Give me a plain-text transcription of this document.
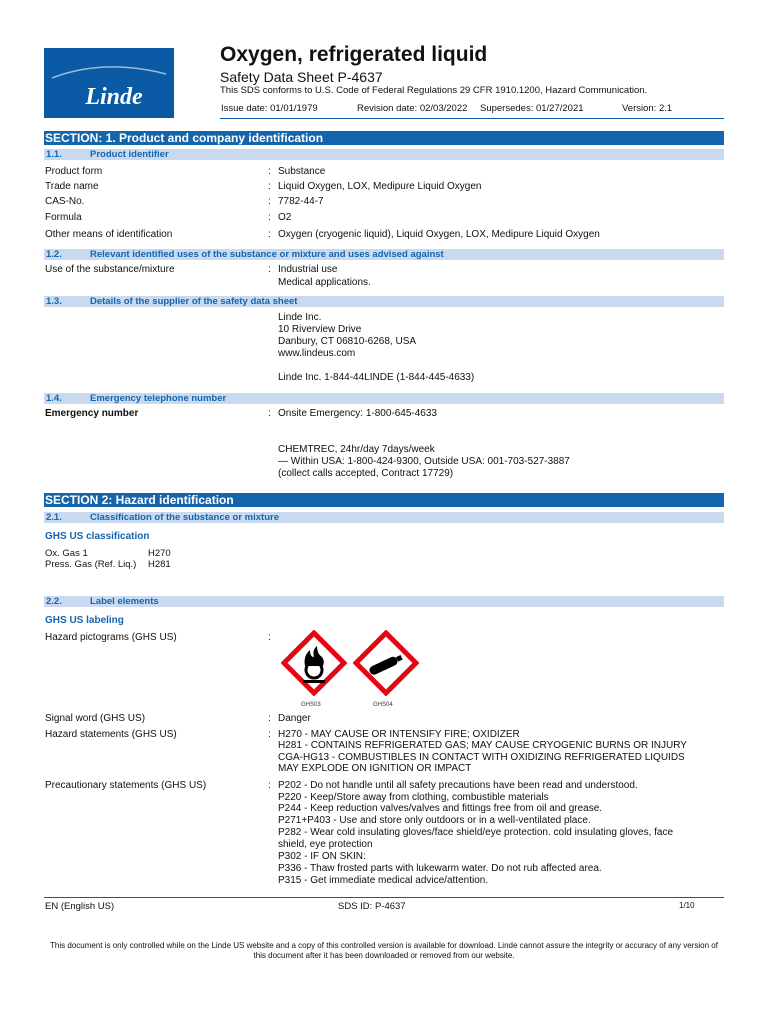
Linde
Oxygen, refrigerated liquid
Safety Data Sheet P-4637
This SDS conforms to U.S. Code of Federal Regulations 29 CFR 1910.1200, Hazard Communication.
Issue date: 01/01/1979	Revision date: 02/03/2022 Supersedes: 01/27/2021	Version: 2.1
SECTION: 1. Product and company identification
1.1.	Product identifier
Product form	: Substance
Trade name	: Liquid Oxygen, LOX, Medipure Liquid Oxygen
CAS-No.	: 7782-44-7
Formula	: O2
Other means of identification	: Oxygen (cryogenic liquid), Liquid Oxygen, LOX, Medipure Liquid Oxygen
1.2.	Relevant identified uses of the substance or mixture and uses advised against
Use of the substance/mixture	: Industrial use
Medical applications.
1.3.	Details of the supplier of the safety data sheet
Linde Inc.
10 Riverview Drive
Danbury, CT 06810-6268, USA
www.lindeus.com
Linde Inc. 1-844-44LINDE (1-844-445-4633)
1.4.	Emergency telephone number
Emergency number	: Onsite Emergency: 1-800-645-4633
CHEMTREC, 24hr/day 7days/week
— Within USA: 1-800-424-9300, Outside USA: 001-703-527-3887
(collect calls accepted, Contract 17729)
SECTION 2: Hazard identification
2.1.	Classification of the substance or mixture
GHS US classification
Ox. Gas 1	H270
Press. Gas (Ref. Liq.) H281
2.2.	Label elements
GHS US labeling
Hazard pictograms (GHS US)	:
GHS03	GHS04
Signal word (GHS US)	: Danger
Hazard statements (GHS US)	: H270 - MAY CAUSE OR INTENSIFY FIRE; OXIDIZER
H281 - CONTAINS REFRIGERATED GAS; MAY CAUSE CRYOGENIC BURNS OR INJURY
CGA-HG13 - COMBUSTIBLES IN CONTACT WITH OXIDIZING REFRIGERATED LIQUIDS
MAY EXPLODE ON IGNITION OR IMPACT
Precautionary statements (GHS US)	: P202 - Do not handle until all safety precautions have been read and understood.
P220 - Keep/Store away from clothing, combustible materials
P244 - Keep reduction valves/valves and fittings free from oil and grease.
P271+P403 - Use and store only outdoors or in a well-ventilated place.
P282 - Wear cold insulating gloves/face shield/eye protection. cold insulating gloves, face
shield, eye protection
P302 - IF ON SKIN:
P336 - Thaw frosted parts with lukewarm water. Do not rub affected area.
P315 - Get immediate medical advice/attention.
EN (English US)	SDS ID: P-4637	1/10
This document is only controlled while on the Linde US website and a copy of this controlled version is available for download. Linde cannot assure the integrity or accuracy of any version of this document after it has been downloaded or removed from our website.
